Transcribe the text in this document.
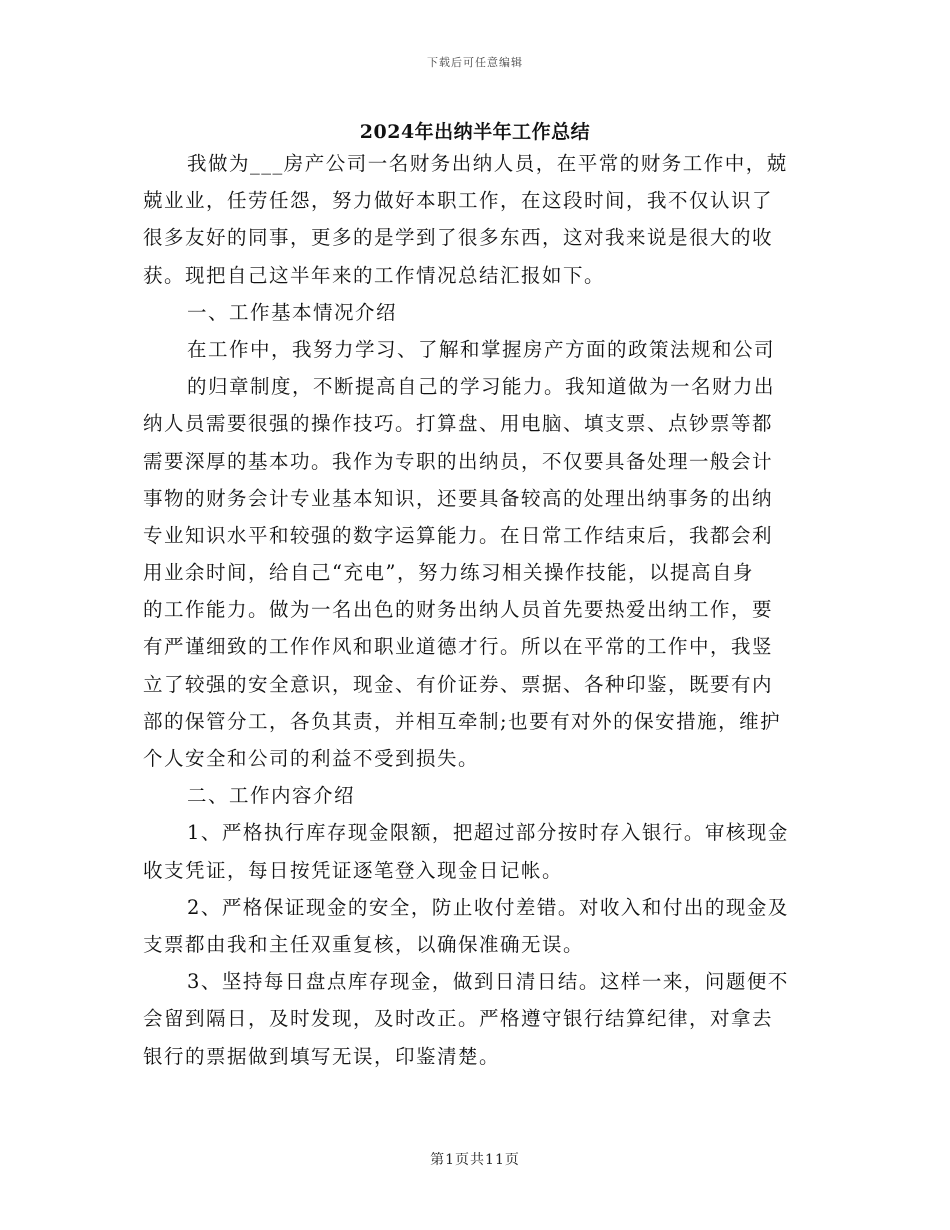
下载后可任意编辑
2024年出纳半年工作总结
我做为___房产公司一名财务出纳人员，在平常的财务工作中，兢
兢业业，任劳任怨，努力做好本职工作，在这段时间，我不仅认识了
很多友好的同事，更多的是学到了很多东西，这对我来说是很大的收
获。现把自己这半年来的工作情况总结汇报如下。
一、工作基本情况介绍
在工作中，我努力学习、了解和掌握房产方面的政策法规和公司
的归章制度，不断提高自己的学习能力。我知道做为一名财力出
纳人员需要很强的操作技巧。打算盘、用电脑、填支票、点钞票等都
需要深厚的基本功。我作为专职的出纳员，不仅要具备处理一般会计
事物的财务会计专业基本知识，还要具备较高的处理出纳事务的出纳
专业知识水平和较强的数字运算能力。在日常工作结束后，我都会利
用业余时间，给自己“充电”，努力练习相关操作技能，以提高自身
的工作能力。做为一名出色的财务出纳人员首先要热爱出纳工作，要
有严谨细致的工作作风和职业道德才行。所以在平常的工作中，我竖
立了较强的安全意识，现金、有价证券、票据、各种印鉴，既要有内
部的保管分工，各负其责，并相互牵制;也要有对外的保安措施，维护
个人安全和公司的利益不受到损失。
二、工作内容介绍
1、严格执行库存现金限额，把超过部分按时存入银行。审核现金
收支凭证，每日按凭证逐笔登入现金日记帐。
2、严格保证现金的安全，防止收付差错。对收入和付出的现金及
支票都由我和主任双重复核，以确保准确无误。
3、坚持每日盘点库存现金，做到日清日结。这样一来，问题便不
会留到隔日，及时发现，及时改正。严格遵守银行结算纪律，对拿去
银行的票据做到填写无误，印鉴清楚。
第1页共11页
